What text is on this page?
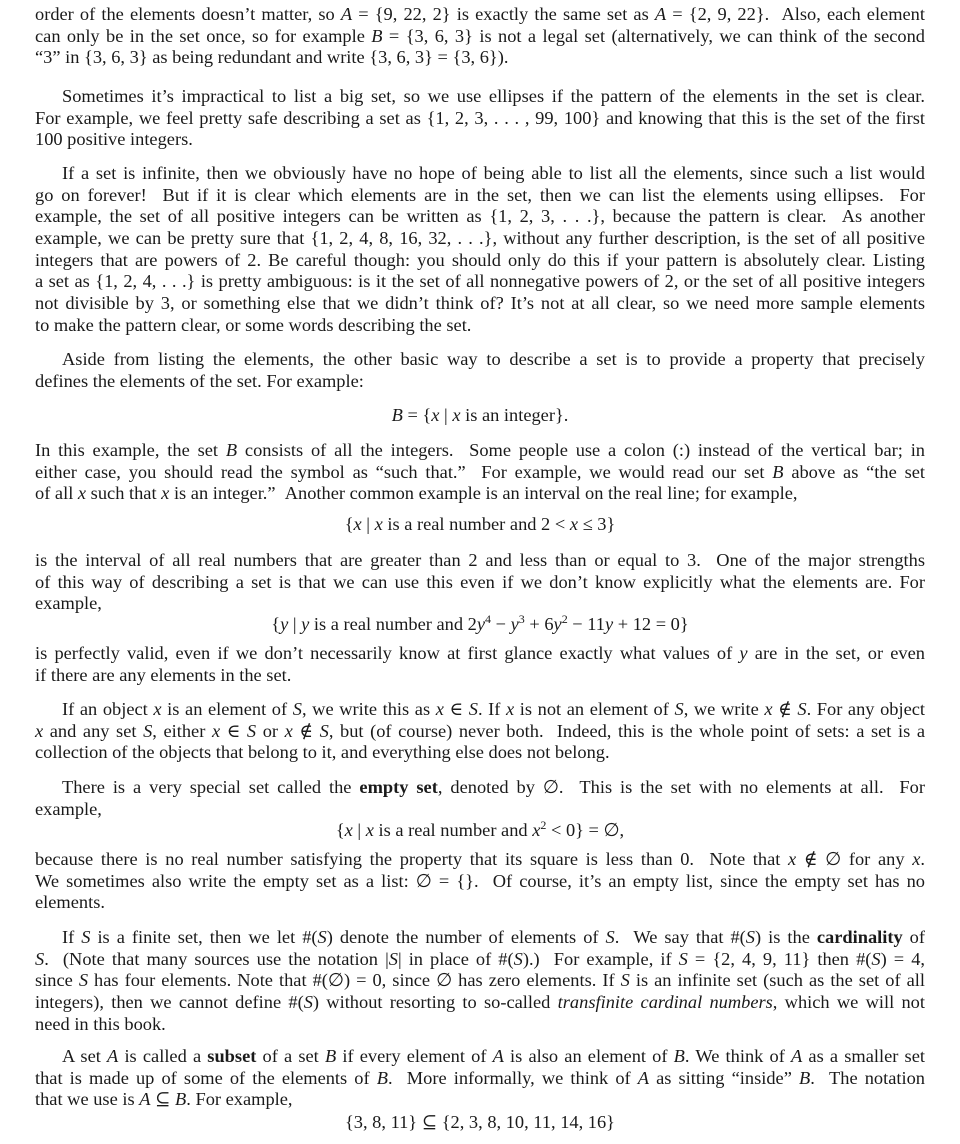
order of the elements doesn’t matter, so A = {9, 22, 2} is exactly the same set as A = {2, 9, 22}.  Also, each element
can only be in the set once, so for example B = {3, 6, 3} is not a legal set (alternatively, we can think of the second
“3” in {3, 6, 3} as being redundant and write {3, 6, 3} = {3, 6}).
Sometimes it’s impractical to list a big set, so we use ellipses if the pattern of the elements in the set is clear.
For example, we feel pretty safe describing a set as {1, 2, 3, . . . , 99, 100} and knowing that this is the set of the first
100 positive integers.
If a set is infinite, then we obviously have no hope of being able to list all the elements, since such a list would
go on forever!  But if it is clear which elements are in the set, then we can list the elements using ellipses.  For
example, the set of all positive integers can be written as {1, 2, 3, . . .}, because the pattern is clear.  As another
example, we can be pretty sure that {1, 2, 4, 8, 16, 32, . . .}, without any further description, is the set of all positive
integers that are powers of 2. Be careful though: you should only do this if your pattern is absolutely clear. Listing
a set as {1, 2, 4, . . .} is pretty ambiguous: is it the set of all nonnegative powers of 2, or the set of all positive integers
not divisible by 3, or something else that we didn’t think of? It’s not at all clear, so we need more sample elements
to make the pattern clear, or some words describing the set.
Aside from listing the elements, the other basic way to describe a set is to provide a property that precisely
defines the elements of the set. For example:
B = {x | x is an integer}.
In this example, the set B consists of all the integers.  Some people use a colon (:) instead of the vertical bar; in
either case, you should read the symbol as “such that.”  For example, we would read our set B above as “the set
of all x such that x is an integer.”  Another common example is an interval on the real line; for example,
{x | x is a real number and 2 < x ≤ 3}
is the interval of all real numbers that are greater than 2 and less than or equal to 3.  One of the major strengths
of this way of describing a set is that we can use this even if we don’t know explicitly what the elements are. For
example,
{y | y is a real number and $2y^4 - y^3 + 6y^2 - 11y + 12 = 0$}
is perfectly valid, even if we don’t necessarily know at first glance exactly what values of y are in the set, or even
if there are any elements in the set.
If an object x is an element of S, we write this as x ∈ S. If x is not an element of S, we write x ∉ S. For any object
x and any set S, either x ∈ S or x ∉ S, but (of course) never both.  Indeed, this is the whole point of sets: a set is a
collection of the objects that belong to it, and everything else does not belong.
There is a very special set called the empty set, denoted by ∅.  This is the set with no elements at all.  For
example,
{x | x is a real number and $x^2 < 0$} = ∅,
because there is no real number satisfying the property that its square is less than 0.  Note that x ∉ ∅ for any x.
We sometimes also write the empty set as a list: ∅ = {}.  Of course, it’s an empty list, since the empty set has no
elements.
If S is a finite set, then we let #(S) denote the number of elements of S.  We say that #(S) is the cardinality of
S.  (Note that many sources use the notation |S| in place of #(S).)  For example, if S = {2, 4, 9, 11} then #(S) = 4,
since S has four elements. Note that #(∅) = 0, since ∅ has zero elements. If S is an infinite set (such as the set of all
integers), then we cannot define #(S) without resorting to so-called transfinite cardinal numbers, which we will not
need in this book.
A set A is called a subset of a set B if every element of A is also an element of B. We think of A as a smaller set
that is made up of some of the elements of B.  More informally, we think of A as sitting “inside” B.  The notation
that we use is A ⊆ B. For example,
{3, 8, 11} ⊆ {2, 3, 8, 10, 11, 14, 16}
